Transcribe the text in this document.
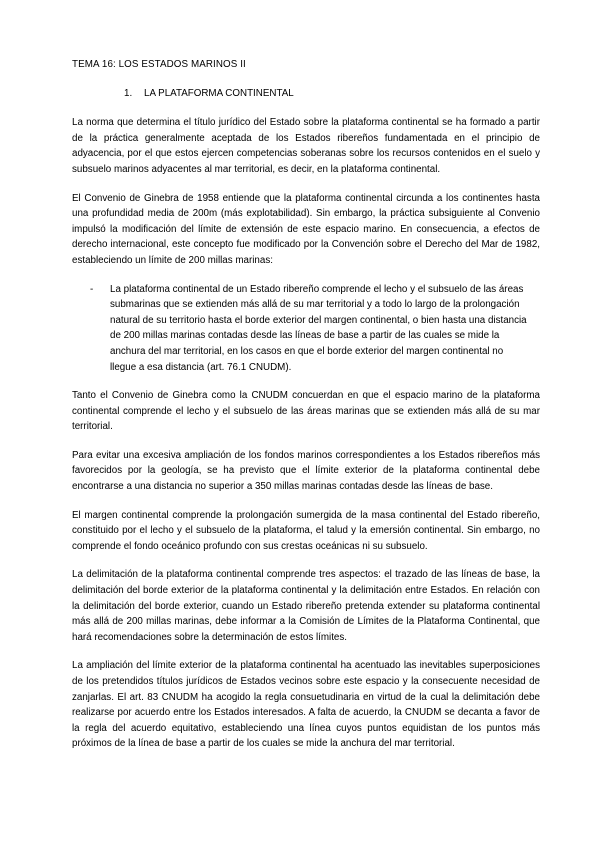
TEMA 16: LOS ESTADOS MARINOS II
1.	LA PLATAFORMA CONTINENTAL

La norma que determina el título jurídico del Estado sobre la plataforma continental se ha formado a partir de la práctica generalmente aceptada de los Estados ribereños fundamentada en el principio de adyacencia, por el que estos ejercen competencias soberanas sobre los recursos contenidos en el suelo y subsuelo marinos adyacentes al mar territorial, es decir, en la plataforma continental.

El Convenio de Ginebra de 1958 entiende que la plataforma continental circunda a los continentes hasta una profundidad media de 200m (más explotabilidad). Sin embargo, la práctica subsiguiente al Convenio impulsó la modificación del límite de extensión de este espacio marino. En consecuencia, a efectos de derecho internacional, este concepto fue modificado por la Convención sobre el Derecho del Mar de 1982, estableciendo un límite de 200 millas marinas:

-	La plataforma continental de un Estado ribereño comprende el lecho y el subsuelo de las áreas submarinas que se extienden más allá de su mar territorial y a todo lo largo de la prolongación natural de su territorio hasta el borde exterior del margen continental, o bien hasta una distancia de 200 millas marinas contadas desde las líneas de base a partir de las cuales se mide la anchura del mar territorial, en los casos en que el borde exterior del margen continental no llegue a esa distancia (art. 76.1 CNUDM).

Tanto el Convenio de Ginebra como la CNUDM concuerdan en que el espacio marino de la plataforma continental comprende el lecho y el subsuelo de las áreas marinas que se extienden más allá de su mar territorial.

Para evitar una excesiva ampliación de los fondos marinos correspondientes a los Estados ribereños más favorecidos por la geología, se ha previsto que el límite exterior de la plataforma continental debe encontrarse a una distancia no superior a 350 millas marinas contadas desde las líneas de base.

El margen continental comprende la prolongación sumergida de la masa continental del Estado ribereño, constituido por el lecho y el subsuelo de la plataforma, el talud y la emersión continental. Sin embargo, no comprende el fondo oceánico profundo con sus crestas oceánicas ni su subsuelo.

La delimitación de la plataforma continental comprende tres aspectos: el trazado de las líneas de base, la delimitación del borde exterior de la plataforma continental y la delimitación entre Estados. En relación con la delimitación del borde exterior, cuando un Estado ribereño pretenda extender su plataforma continental más allá de 200 millas marinas, debe informar a la Comisión de Límites de la Plataforma Continental, que hará recomendaciones sobre la determinación de estos límites.

La ampliación del límite exterior de la plataforma continental ha acentuado las inevitables superposiciones de los pretendidos títulos jurídicos de Estados vecinos sobre este espacio y la consecuente necesidad de zanjarlas. El art. 83 CNUDM ha acogido la regla consuetudinaria en virtud de la cual la delimitación debe realizarse por acuerdo entre los Estados interesados. A falta de acuerdo, la CNUDM se decanta a favor de la regla del acuerdo equitativo, estableciendo una línea cuyos puntos equidistan de los puntos más próximos de la línea de base a partir de los cuales se mide la anchura del mar territorial.
